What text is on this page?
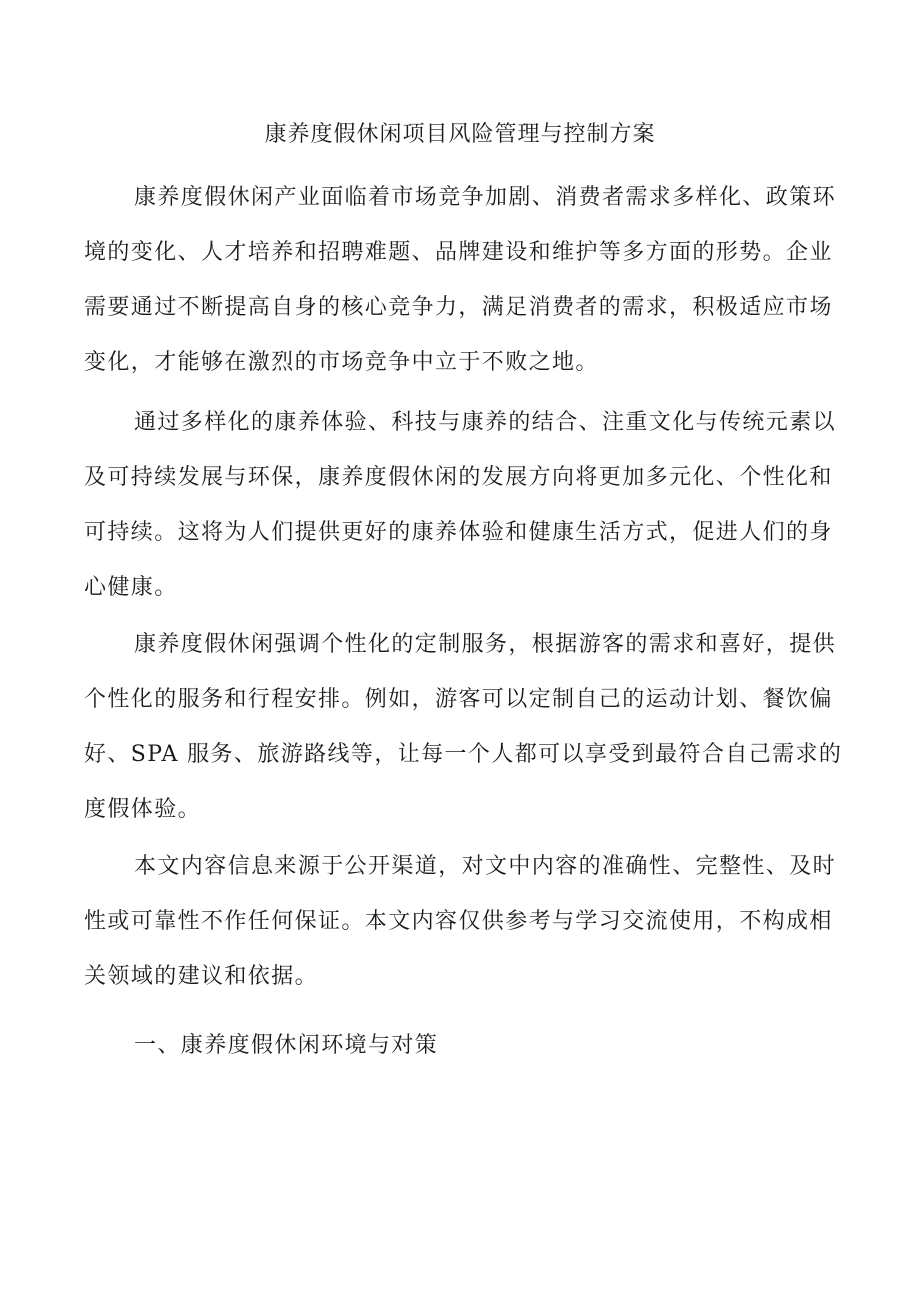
康养度假休闲项目风险管理与控制方案
康养度假休闲产业面临着市场竞争加剧、消费者需求多样化、政策环
境的变化、人才培养和招聘难题、品牌建设和维护等多方面的形势。企业
需要通过不断提高自身的核心竞争力，满足消费者的需求，积极适应市场
变化，才能够在激烈的市场竞争中立于不败之地。
通过多样化的康养体验、科技与康养的结合、注重文化与传统元素以
及可持续发展与环保，康养度假休闲的发展方向将更加多元化、个性化和
可持续。这将为人们提供更好的康养体验和健康生活方式，促进人们的身
心健康。
康养度假休闲强调个性化的定制服务，根据游客的需求和喜好，提供
个性化的服务和行程安排。例如，游客可以定制自己的运动计划、餐饮偏
好、SPA 服务、旅游路线等，让每一个人都可以享受到最符合自己需求的
度假体验。
本文内容信息来源于公开渠道，对文中内容的准确性、完整性、及时
性或可靠性不作任何保证。本文内容仅供参考与学习交流使用，不构成相
关领域的建议和依据。
一、康养度假休闲环境与对策
